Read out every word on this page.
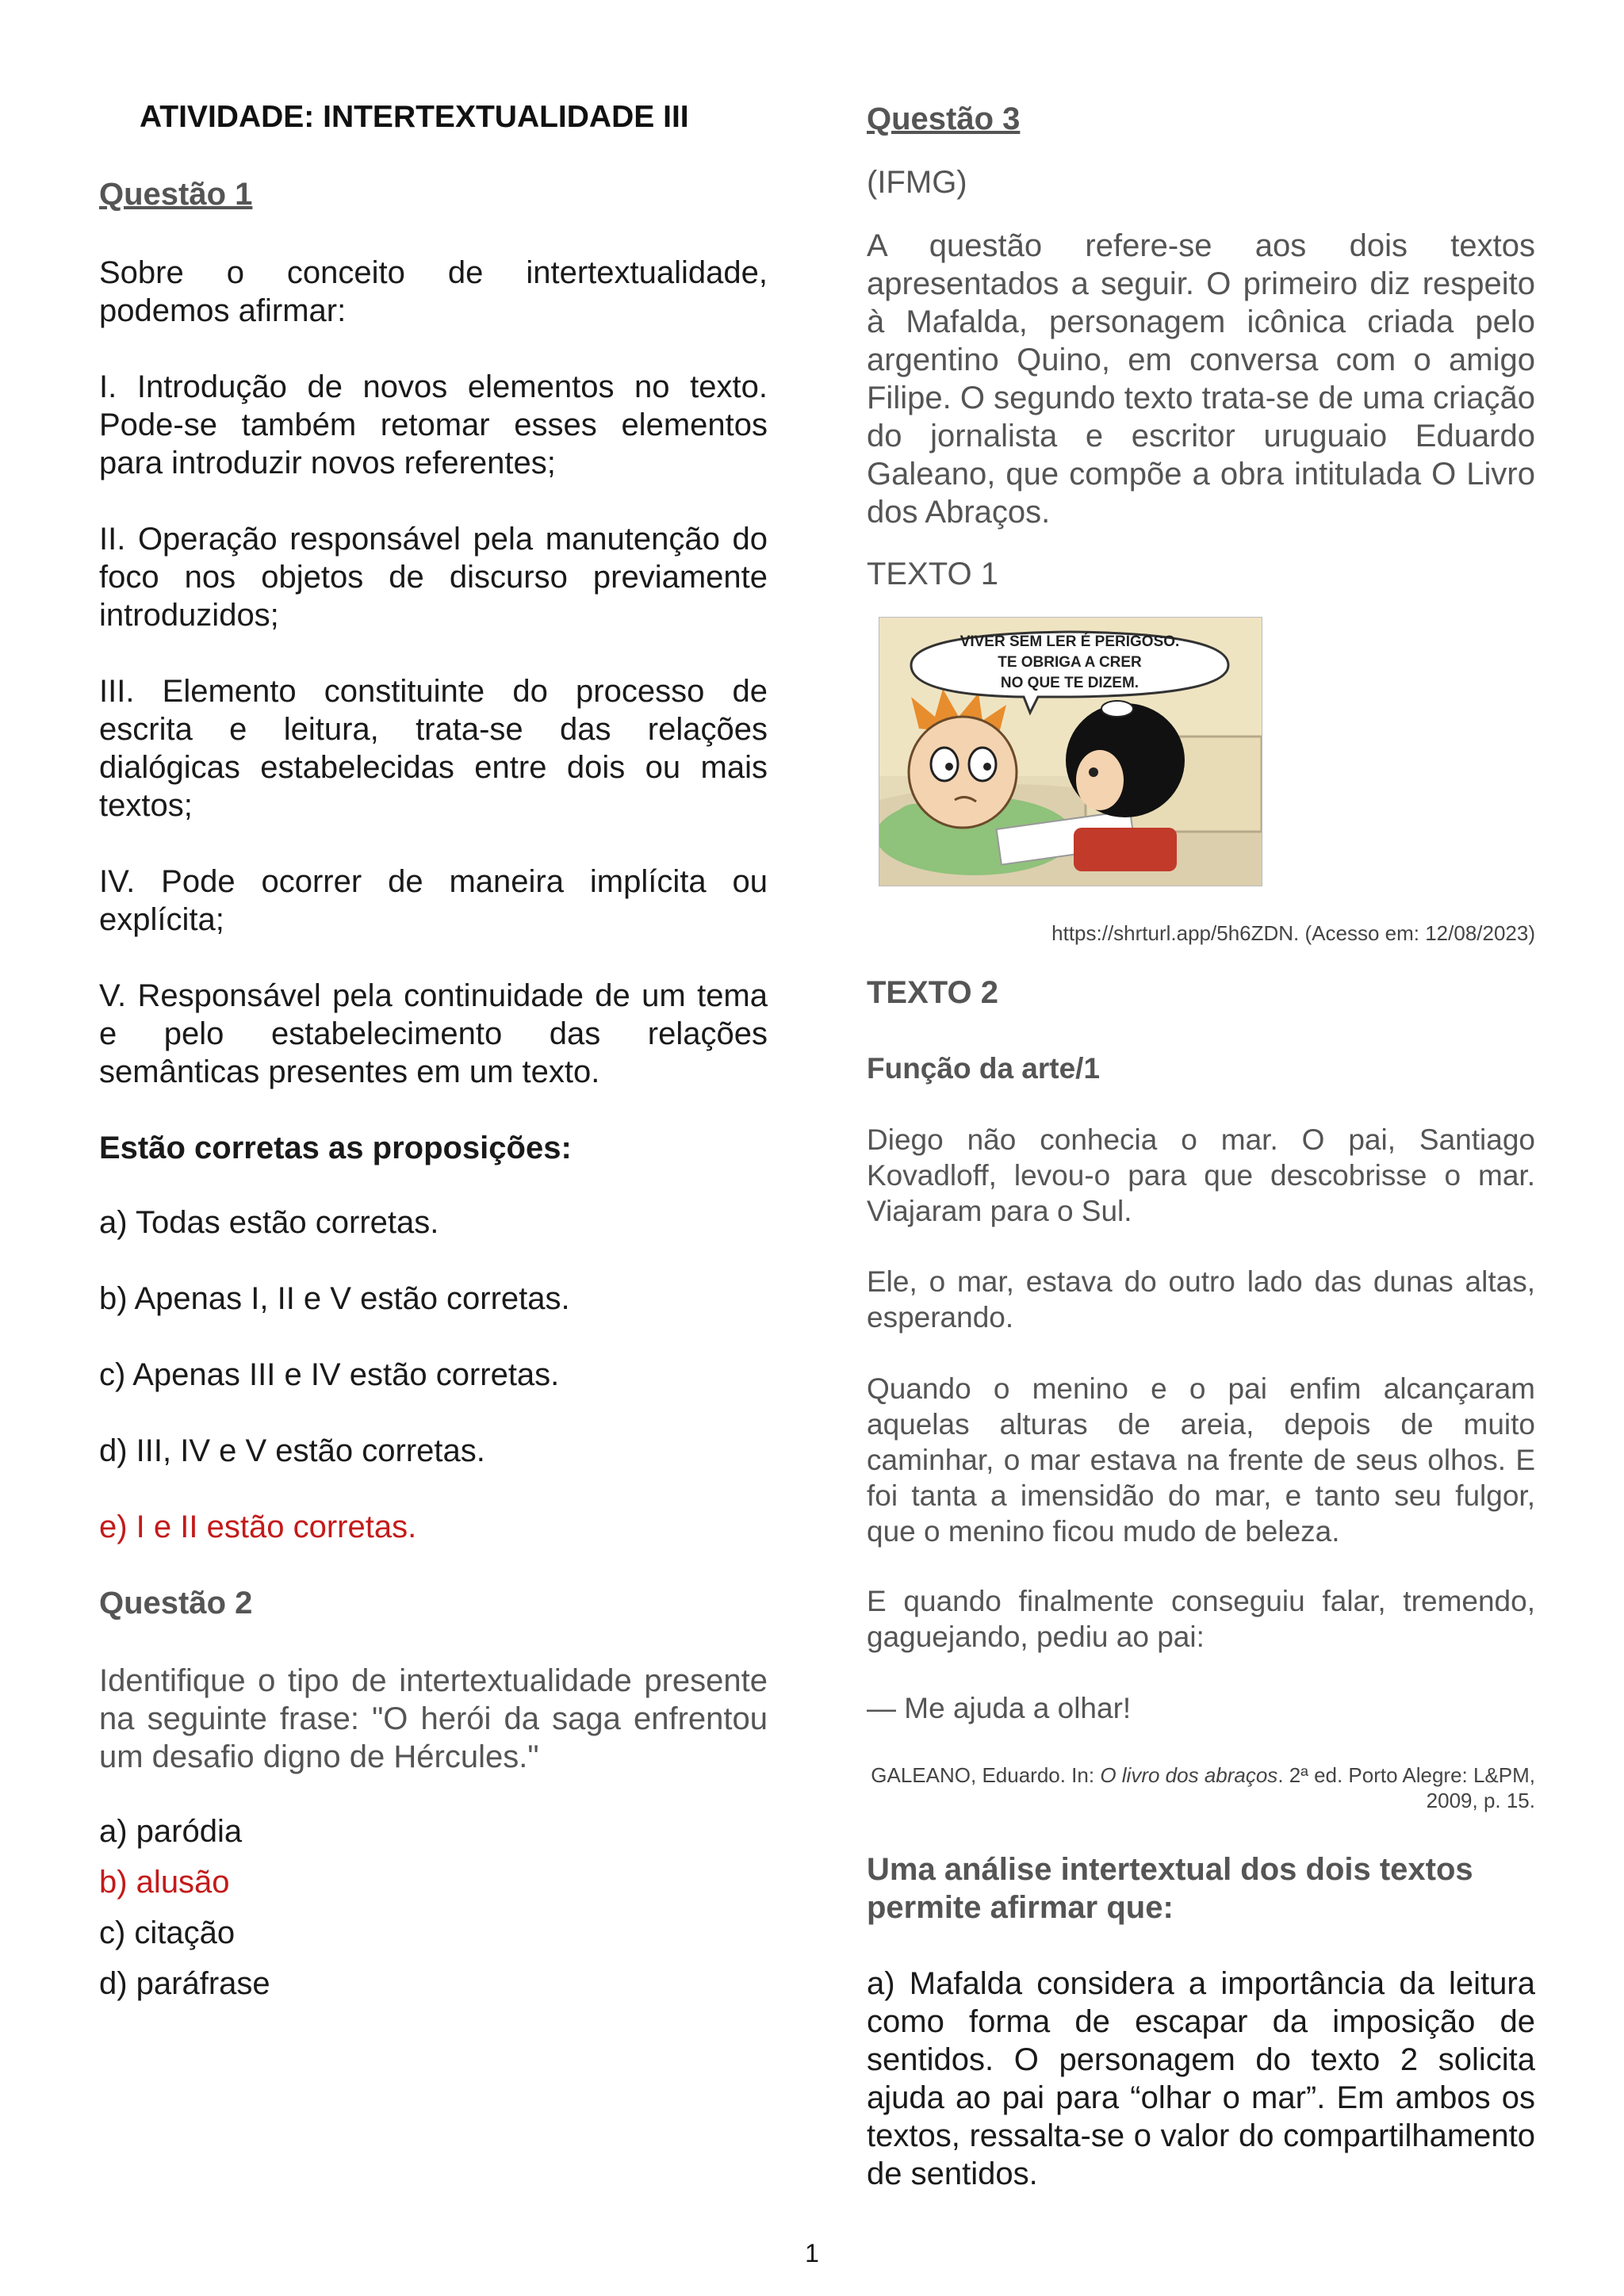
ATIVIDADE: INTERTEXTUALIDADE III
Questão 1
Sobre o conceito de intertextualidade, podemos afirmar:
I. Introdução de novos elementos no texto. Pode-se também retomar esses elementos para introduzir novos referentes;
II. Operação responsável pela manutenção do foco nos objetos de discurso previamente introduzidos;
III. Elemento constituinte do processo de escrita e leitura, trata-se das relações dialógicas estabelecidas entre dois ou mais textos;
IV. Pode ocorrer de maneira implícita ou explícita;
V. Responsável pela continuidade de um tema e pelo estabelecimento das relações semânticas presentes em um texto.
Estão corretas as proposições:
a) Todas estão corretas.
b) Apenas I, II e V estão corretas.
c) Apenas III e IV estão corretas.
d) III, IV e V estão corretas.
e) I e II estão corretas.
Questão 2
Identifique o tipo de intertextualidade presente na seguinte frase: "O herói da saga enfrentou um desafio digno de Hércules."
a) paródia
b) alusão
c) citação
d) paráfrase
Questão 3
(IFMG)
A questão refere-se aos dois textos apresentados a seguir. O primeiro diz respeito à Mafalda, personagem icônica criada pelo argentino Quino, em conversa com o amigo Filipe. O segundo texto trata-se de uma criação do jornalista e escritor uruguaio Eduardo Galeano, que compõe a obra intitulada O Livro dos Abraços.
TEXTO 1
VIVER SEM LER É PERIGOSO.
TE OBRIGA A CRER
NO QUE TE DIZEM.
https://shrturl.app/5h6ZDN. (Acesso em: 12/08/2023)
TEXTO 2
Função da arte/1
Diego não conhecia o mar. O pai, Santiago Kovadloff, levou-o para que descobrisse o mar. Viajaram para o Sul.
Ele, o mar, estava do outro lado das dunas altas, esperando.
Quando o menino e o pai enfim alcançaram aquelas alturas de areia, depois de muito caminhar, o mar estava na frente de seus olhos. E foi tanta a imensidão do mar, e tanto seu fulgor, que o menino ficou mudo de beleza.
E quando finalmente conseguiu falar, tremendo, gaguejando, pediu ao pai:
— Me ajuda a olhar!
GALEANO, Eduardo. In: O livro dos abraços. 2ª ed. Porto Alegre: L&PM, 2009, p. 15.
Uma análise intertextual dos dois textos permite afirmar que:
a) Mafalda considera a importância da leitura como forma de escapar da imposição de sentidos. O personagem do texto 2 solicita ajuda ao pai para “olhar o mar”. Em ambos os textos, ressalta-se o valor do compartilhamento de sentidos.
1
